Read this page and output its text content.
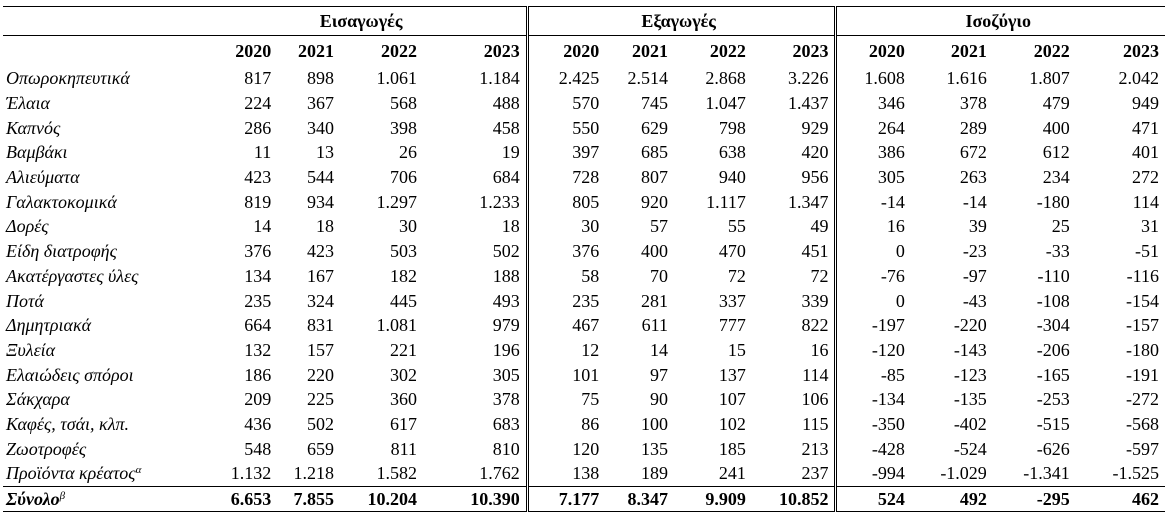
	Εισαγωγές				Εξαγωγές				Ισοζύγιο			
	2020	2021	2022	2023	2020	2021	2022	2023	2020	2021	2022	2023
Οπωροκηπευτικά	817	898	1.061	1.184	2.425	2.514	2.868	3.226	1.608	1.616	1.807	2.042
Έλαια	224	367	568	488	570	745	1.047	1.437	346	378	479	949
Καπνός	286	340	398	458	550	629	798	929	264	289	400	471
Βαμβάκι	11	13	26	19	397	685	638	420	386	672	612	401
Αλιεύματα	423	544	706	684	728	807	940	956	305	263	234	272
Γαλακτοκομικά	819	934	1.297	1.233	805	920	1.117	1.347	-14	-14	-180	114
Δορές	14	18	30	18	30	57	55	49	16	39	25	31
Είδη διατροφής	376	423	503	502	376	400	470	451	0	-23	-33	-51
Ακατέργαστες ύλες	134	167	182	188	58	70	72	72	-76	-97	-110	-116
Ποτά	235	324	445	493	235	281	337	339	0	-43	-108	-154
Δημητριακά	664	831	1.081	979	467	611	777	822	-197	-220	-304	-157
Ξυλεία	132	157	221	196	12	14	15	16	-120	-143	-206	-180
Ελαιώδεις σπόροι	186	220	302	305	101	97	137	114	-85	-123	-165	-191
Σάκχαρα	209	225	360	378	75	90	107	106	-134	-135	-253	-272
Καφές, τσάι, κλπ.	436	502	617	683	86	100	102	115	-350	-402	-515	-568
Ζωοτροφές	548	659	811	810	120	135	185	213	-428	-524	-626	-597
Προϊόντα κρέατος$^\alpha$	1.132	1.218	1.582	1.762	138	189	241	237	-994	-1.029	-1.341	-1.525
Σύνολο$^\beta$	6.653	7.855	10.204	10.390	7.177	8.347	9.909	10.852	524	492	-295	462
